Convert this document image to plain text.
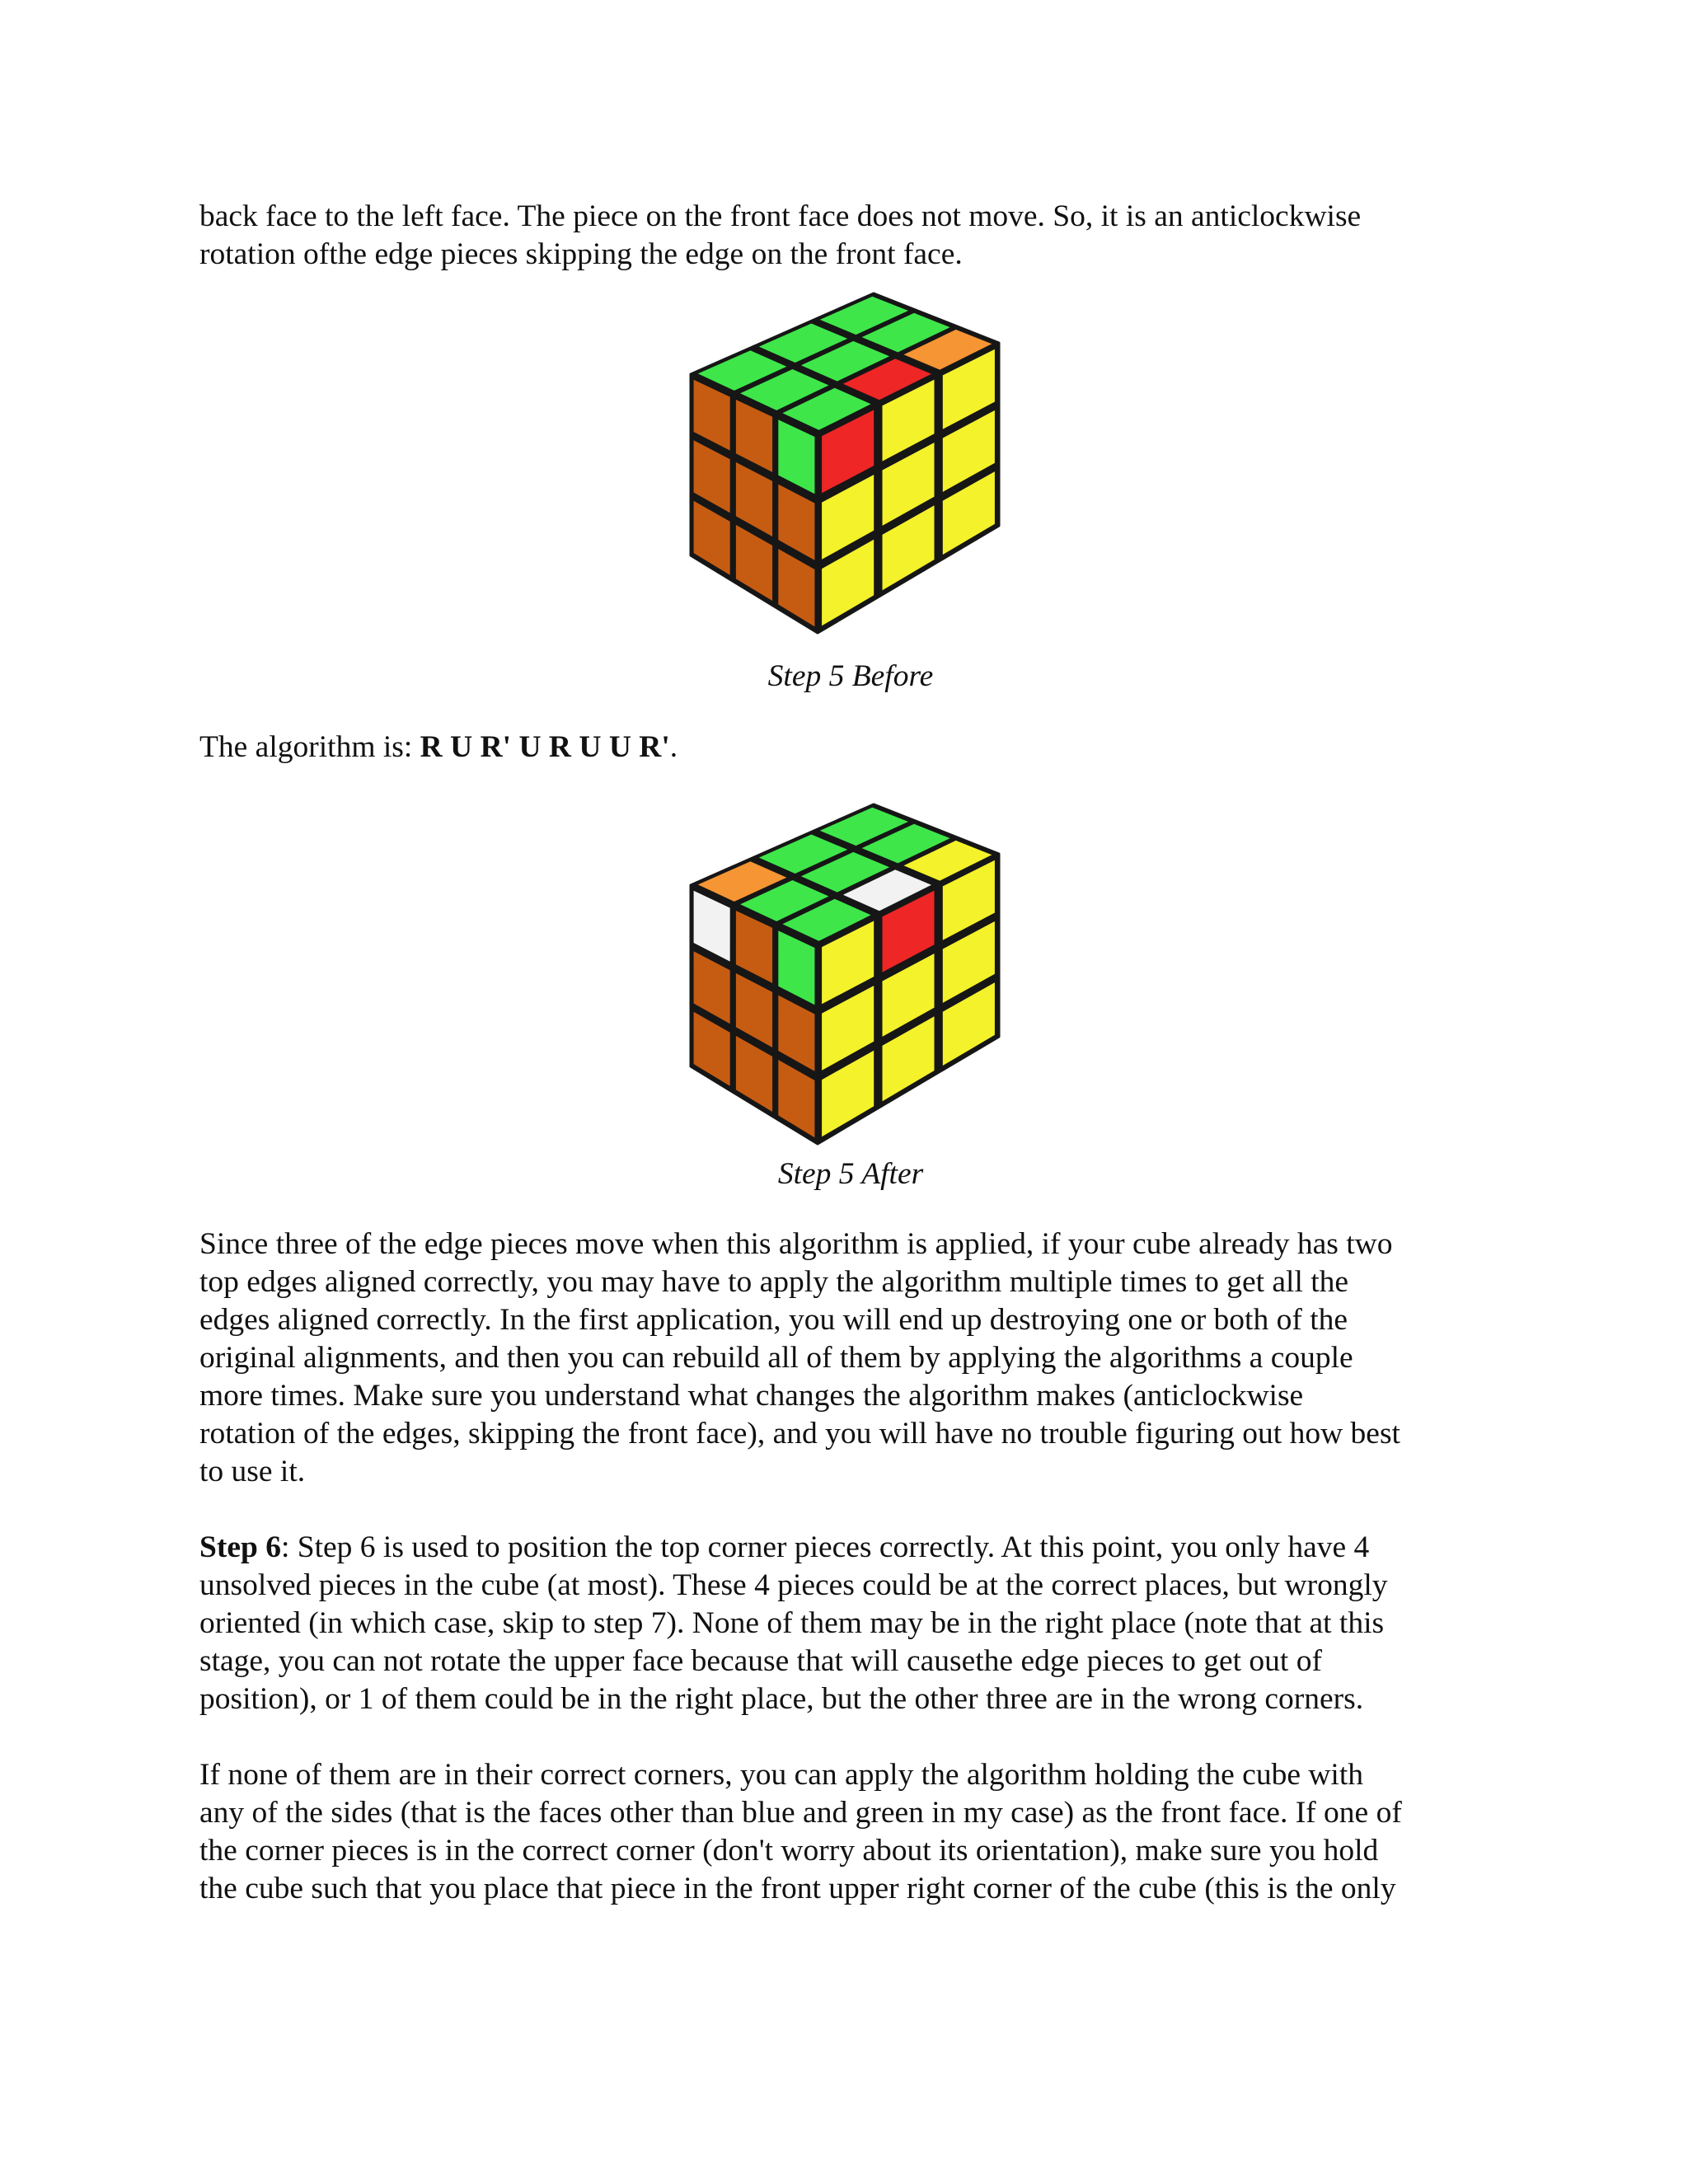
back face to the left face. The piece on the front face does not move. So, it is an anticlockwise
rotation ofthe edge pieces skipping the edge on the front face.

Step 5 Before

The algorithm is: R U R' U R U U R'.

Step 5 After

Since three of the edge pieces move when this algorithm is applied, if your cube already has two
top edges aligned correctly, you may have to apply the algorithm multiple times to get all the
edges aligned correctly. In the first application, you will end up destroying one or both of the
original alignments, and then you can rebuild all of them by applying the algorithms a couple
more times. Make sure you understand what changes the algorithm makes (anticlockwise
rotation of the edges, skipping the front face), and you will have no trouble figuring out how best
to use it.

Step 6: Step 6 is used to position the top corner pieces correctly. At this point, you only have 4
unsolved pieces in the cube (at most). These 4 pieces could be at the correct places, but wrongly
oriented (in which case, skip to step 7). None of them may be in the right place (note that at this
stage, you can not rotate the upper face because that will causethe edge pieces to get out of
position), or 1 of them could be in the right place, but the other three are in the wrong corners.

If none of them are in their correct corners, you can apply the algorithm holding the cube with
any of the sides (that is the faces other than blue and green in my case) as the front face. If one of
the corner pieces is in the correct corner (don't worry about its orientation), make sure you hold
the cube such that you place that piece in the front upper right corner of the cube (this is the only
